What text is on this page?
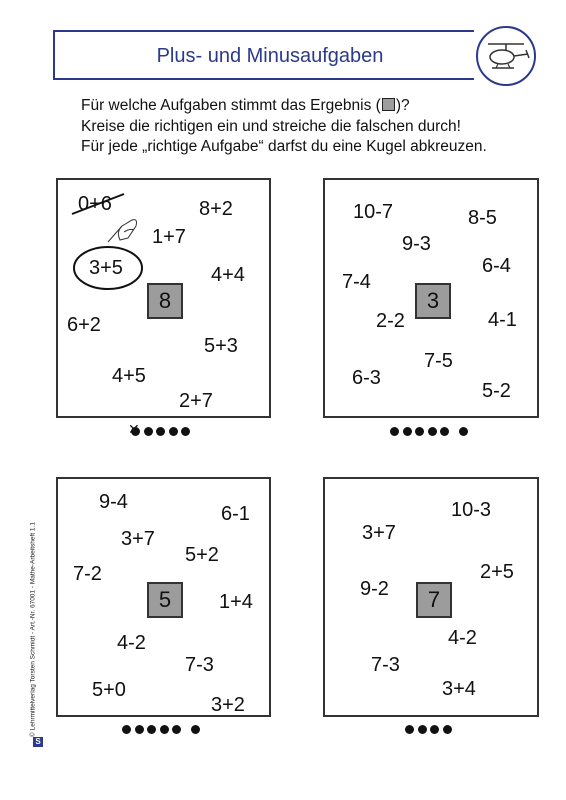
Plus- und Minusaufgaben
Für welche Aufgaben stimmt das Ergebnis ( )?
Kreise die richtigen ein und streiche die falschen durch!
Für jede „richtige Aufgabe“ darfst du eine Kugel abkreuzen.
0+6	8+2
1+7
3+5	4+4
6+2
5+3
4+5
2+7
8
✕
10-7	8-5
9-3
6-4
7-4
2-2	4-1
7-5
6-3
5-2
3
9-4
6-1
3+7
5+2
7-2
1+4
4-2
7-3
5+0
3+2
5
10-3
3+7
2+5
9-2
4-2
7-3
3+4
7
© Lehrmittelverlag Torsten Schmidt - Art.-Nr. 67001 - Mathe-Arbeitsheft 1.1
S
